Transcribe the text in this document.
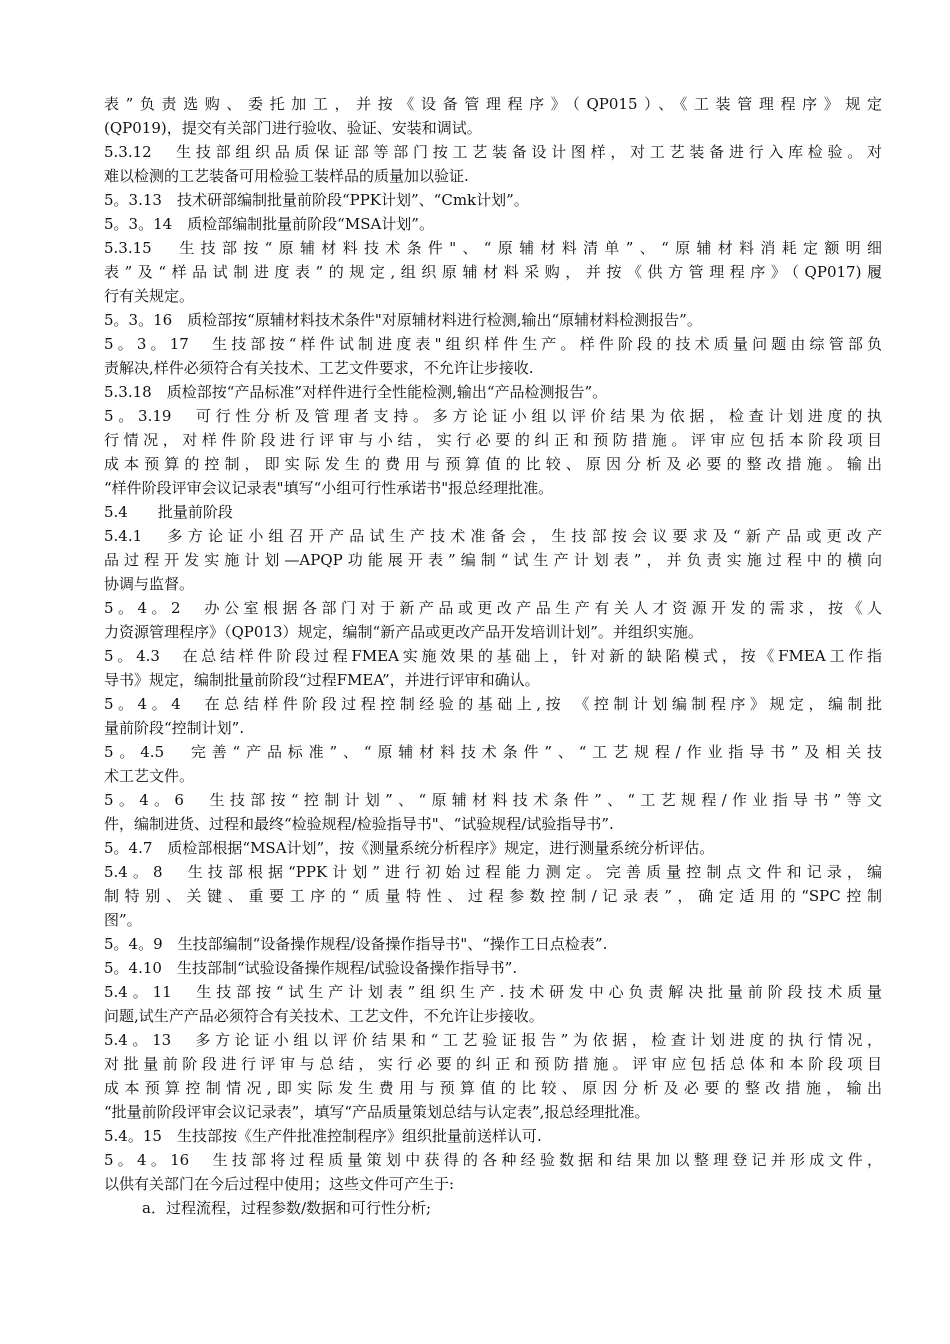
表”负责选购、委托加工，并按《设备管理程序》（QP015）、《工装管理程序》规定
(QP019)，提交有关部门进行验收、验证、安装和调试。
5.3.12　生技部组织品质保证部等部门按工艺装备设计图样，对工艺装备进行入库检验。对
难以检测的工艺装备可用检验工装样品的质量加以验证.
5。3.13　技术研部编制批量前阶段“PPK计划”、“Cmk计划”。
5。3。14　质检部编制批量前阶段“MSA计划”。
5.3.15　生技部按“原辅材料技术条件"、“原辅材料清单”、“原辅材料消耗定额明细
表”及“样品试制进度表”的规定,组织原辅材料采购，并按《供方管理程序》（QP017)履
行有关规定。
5。3。16　质检部按“原辅材料技术条件"对原辅材料进行检测,输出“原辅材料检测报告”。
5。3。17　生技部按“样件试制进度表"组织样件生产。样件阶段的技术质量问题由综管部负
责解决,样件必须符合有关技术、工艺文件要求，不允许让步接收.
5.3.18　质检部按“产品标准”对样件进行全性能检测,输出“产品检测报告”。
5。3.19　可行性分析及管理者支持。多方论证小组以评价结果为依据，检查计划进度的执
行情况，对样件阶段进行评审与小结，实行必要的纠正和预防措施。评审应包括本阶段项目
成本预算的控制，即实际发生的费用与预算值的比较、原因分析及必要的整改措施。输出
“样件阶段评审会议记录表"填写“小组可行性承诺书"报总经理批准。
5.4　　批量前阶段
5.4.1　多方论证小组召开产品试生产技术准备会，生技部按会议要求及“新产品或更改产
品过程开发实施计划—APQP功能展开表”编制“试生产计划表”，并负责实施过程中的横向
协调与监督。
5。4。2　办公室根据各部门对于新产品或更改产品生产有关人才资源开发的需求，按《人
力资源管理程序》（QP013）规定，编制“新产品或更改产品开发培训计划”。并组织实施。
5。4.3　在总结样件阶段过程FMEA实施效果的基础上，针对新的缺陷模式，按《FMEA工作指
导书》规定，编制批量前阶段“过程FMEA”，并进行评审和确认。
5。4。4　在总结样件阶段过程控制经验的基础上,按 《控制计划编制程序》规定，编制批
量前阶段“控制计划”.
5。4.5　完善“产品标准”、“原辅材料技术条件”、“工艺规程/作业指导书”及相关技
术工艺文件。
5。4。6　生技部按“控制计划”、“原辅材料技术条件”、“工艺规程/作业指导书”等文
件，编制进货、过程和最终“检验规程/检验指导书"、“试验规程/试验指导书”.
5。4.7　质检部根据“MSA计划”，按《测量系统分析程序》规定，进行测量系统分析评估。
5.4。8　生技部根据“PPK计划”进行初始过程能力测定。完善质量控制点文件和记录，编
制特别、关键、重要工序的“质量特性、过程参数控制/记录表”，确定适用的“SPC控制
图”。
5。4。9　生技部编制“设备操作规程/设备操作指导书"、“操作工日点检表”.
5。4.10　生技部制“试验设备操作规程/试验设备操作指导书”.
5.4。11　生技部按“试生产计划表”组织生产.技术研发中心负责解决批量前阶段技术质量
问题,试生产产品必须符合有关技术、工艺文件，不允许让步接收。
5.4。13　多方论证小组以评价结果和“工艺验证报告”为依据，检查计划进度的执行情况，
对批量前阶段进行评审与总结，实行必要的纠正和预防措施。评审应包括总体和本阶段项目
成本预算控制情况,即实际发生费用与预算值的比较、原因分析及必要的整改措施，输出
“批量前阶段评审会议记录表”，填写“产品质量策划总结与认定表”,报总经理批准。
5.4。15　生技部按《生产件批准控制程序》组织批量前送样认可.
5。4。16　生技部将过程质量策划中获得的各种经验数据和结果加以整理登记并形成文件，
以供有关部门在今后过程中使用；这些文件可产生于:
a．过程流程，过程参数/数据和可行性分析;
